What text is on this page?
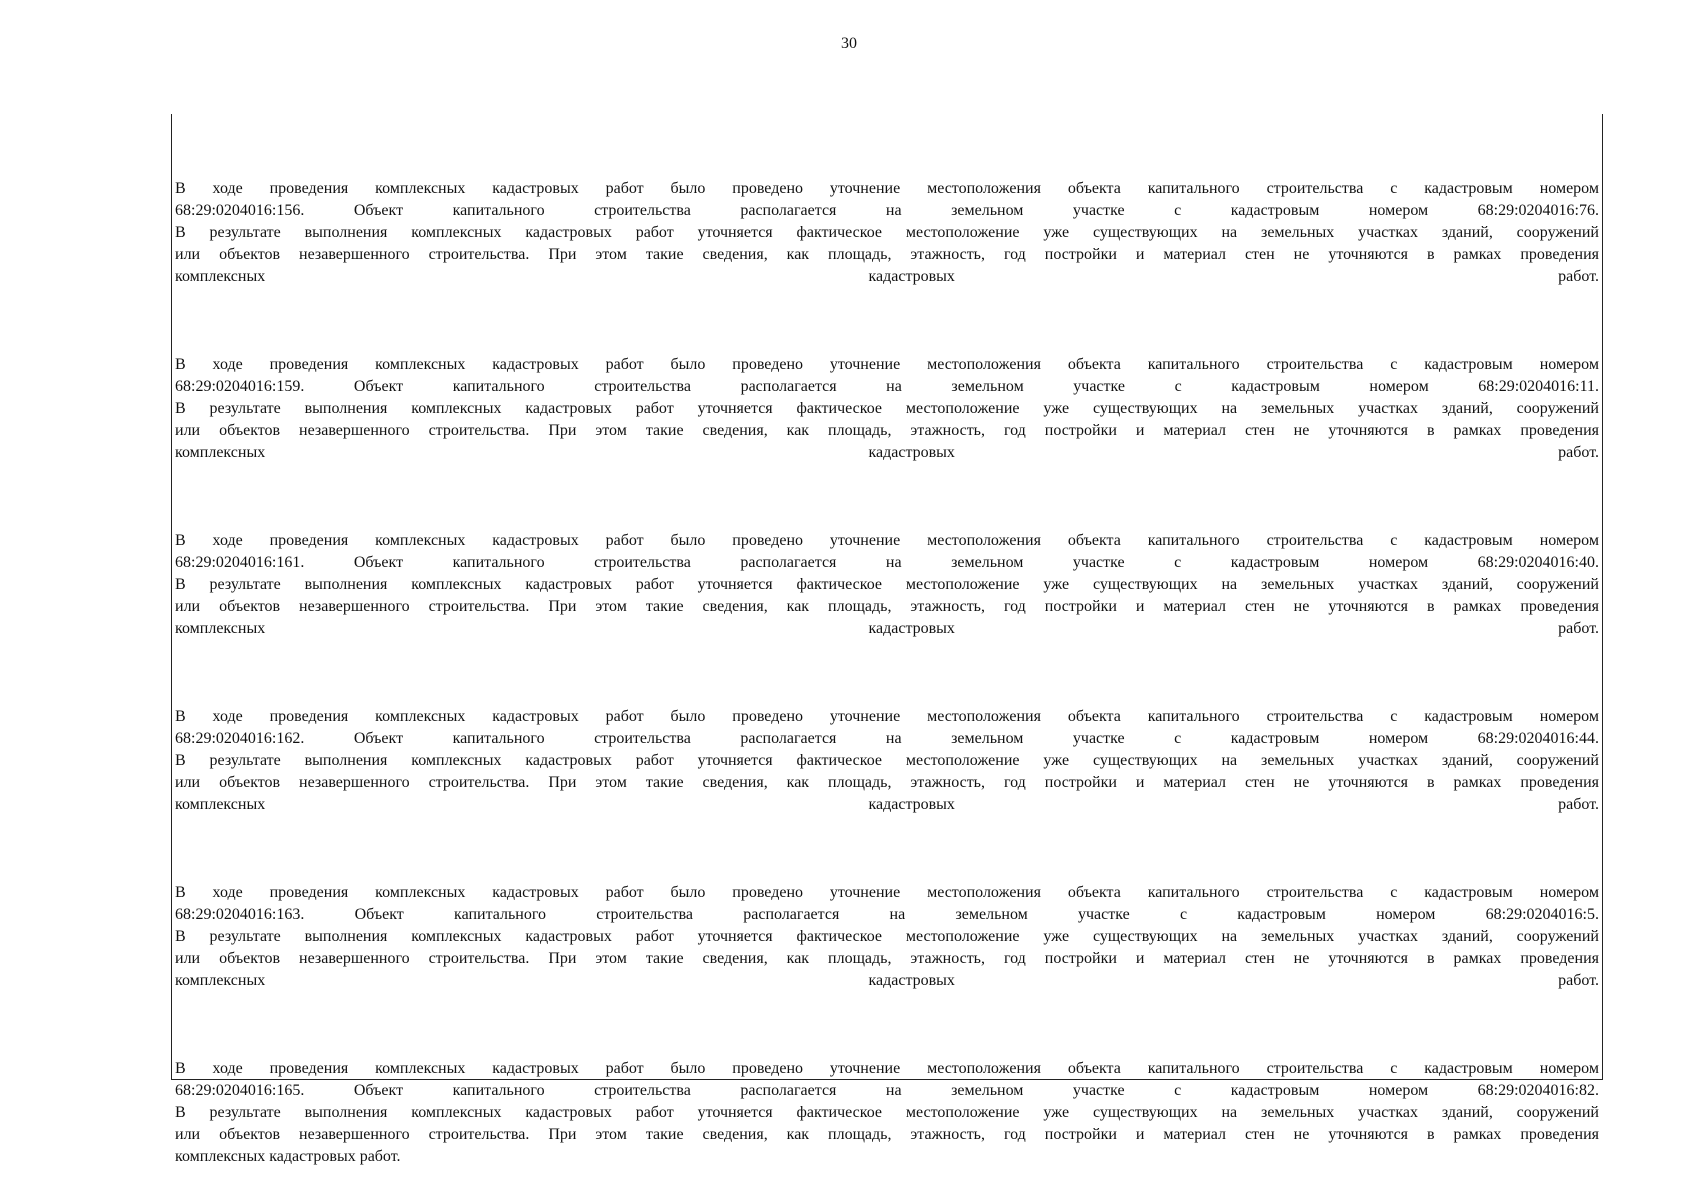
30
В ходе проведения комплексных кадастровых работ было проведено уточнение местоположения объекта капитального строительства с кадастровым номером
68:29:0204016:156. Объект капитального строительства располагается на земельном участке с кадастровым номером 68:29:0204016:76.
В результате выполнения комплексных кадастровых работ уточняется фактическое местоположение уже существующих на земельных участках зданий, сооружений
или объектов незавершенного строительства. При этом такие сведения, как площадь, этажность, год постройки и материал стен не уточняются в рамках проведения
комплексных кадастровых работ.
В ходе проведения комплексных кадастровых работ было проведено уточнение местоположения объекта капитального строительства с кадастровым номером
68:29:0204016:159. Объект капитального строительства располагается на земельном участке с кадастровым номером 68:29:0204016:11.
В результате выполнения комплексных кадастровых работ уточняется фактическое местоположение уже существующих на земельных участках зданий, сооружений
или объектов незавершенного строительства. При этом такие сведения, как площадь, этажность, год постройки и материал стен не уточняются в рамках проведения
комплексных кадастровых работ.
В ходе проведения комплексных кадастровых работ было проведено уточнение местоположения объекта капитального строительства с кадастровым номером
68:29:0204016:161. Объект капитального строительства располагается на земельном участке с кадастровым номером 68:29:0204016:40.
В результате выполнения комплексных кадастровых работ уточняется фактическое местоположение уже существующих на земельных участках зданий, сооружений
или объектов незавершенного строительства. При этом такие сведения, как площадь, этажность, год постройки и материал стен не уточняются в рамках проведения
комплексных кадастровых работ.
В ходе проведения комплексных кадастровых работ было проведено уточнение местоположения объекта капитального строительства с кадастровым номером
68:29:0204016:162. Объект капитального строительства располагается на земельном участке с кадастровым номером 68:29:0204016:44.
В результате выполнения комплексных кадастровых работ уточняется фактическое местоположение уже существующих на земельных участках зданий, сооружений
или объектов незавершенного строительства. При этом такие сведения, как площадь, этажность, год постройки и материал стен не уточняются в рамках проведения
комплексных кадастровых работ.
В ходе проведения комплексных кадастровых работ было проведено уточнение местоположения объекта капитального строительства с кадастровым номером
68:29:0204016:163. Объект капитального строительства располагается на земельном участке с кадастровым номером 68:29:0204016:5.
В результате выполнения комплексных кадастровых работ уточняется фактическое местоположение уже существующих на земельных участках зданий, сооружений
или объектов незавершенного строительства. При этом такие сведения, как площадь, этажность, год постройки и материал стен не уточняются в рамках проведения
комплексных кадастровых работ.
В ходе проведения комплексных кадастровых работ было проведено уточнение местоположения объекта капитального строительства с кадастровым номером
68:29:0204016:165. Объект капитального строительства располагается на земельном участке с кадастровым номером 68:29:0204016:82.
В результате выполнения комплексных кадастровых работ уточняется фактическое местоположение уже существующих на земельных участках зданий, сооружений
или объектов незавершенного строительства. При этом такие сведения, как площадь, этажность, год постройки и материал стен не уточняются в рамках проведения
комплексных кадастровых работ.
